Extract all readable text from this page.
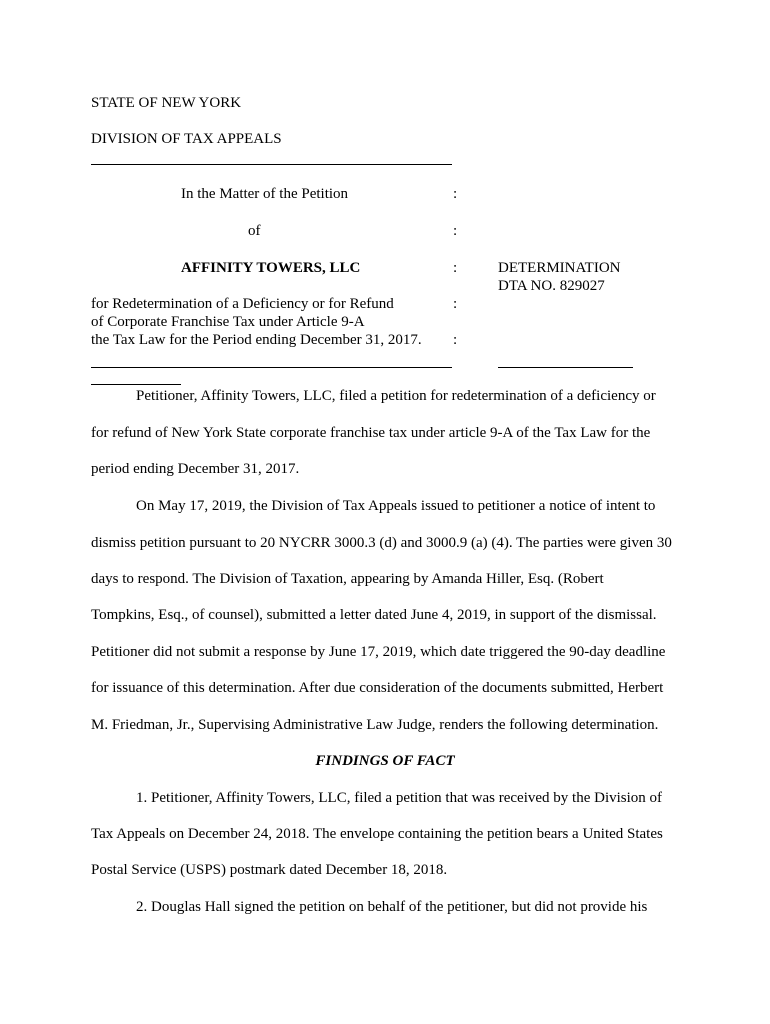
STATE OF NEW YORK
DIVISION OF TAX APPEALS
In the Matter of the Petition
of
AFFINITY TOWERS, LLC
for Redetermination of a Deficiency or for Refund
of Corporate Franchise Tax under Article 9-A
the Tax Law for the Period ending December 31, 2017.
:
:
:
:
:
DETERMINATION
DTA NO. 829027
Petitioner, Affinity Towers, LLC, filed a petition for redetermination of a deficiency or
for refund of New York State corporate franchise tax under article 9-A of the Tax Law for the
period ending December 31, 2017.
On May 17, 2019, the Division of Tax Appeals issued to petitioner a notice of intent to
dismiss petition pursuant to 20 NYCRR 3000.3 (d) and 3000.9 (a) (4). The parties were given 30
days to respond. The Division of Taxation, appearing by Amanda Hiller, Esq. (Robert
Tompkins, Esq., of counsel), submitted a letter dated June 4, 2019, in support of the dismissal.
Petitioner did not submit a response by June 17, 2019, which date triggered the 90-day deadline
for issuance of this determination. After due consideration of the documents submitted, Herbert
M. Friedman, Jr., Supervising Administrative Law Judge, renders the following determination.
FINDINGS OF FACT
1. Petitioner, Affinity Towers, LLC, filed a petition that was received by the Division of
Tax Appeals on December 24, 2018. The envelope containing the petition bears a United States
Postal Service (USPS) postmark dated December 18, 2018.
2. Douglas Hall signed the petition on behalf of the petitioner, but did not provide his
